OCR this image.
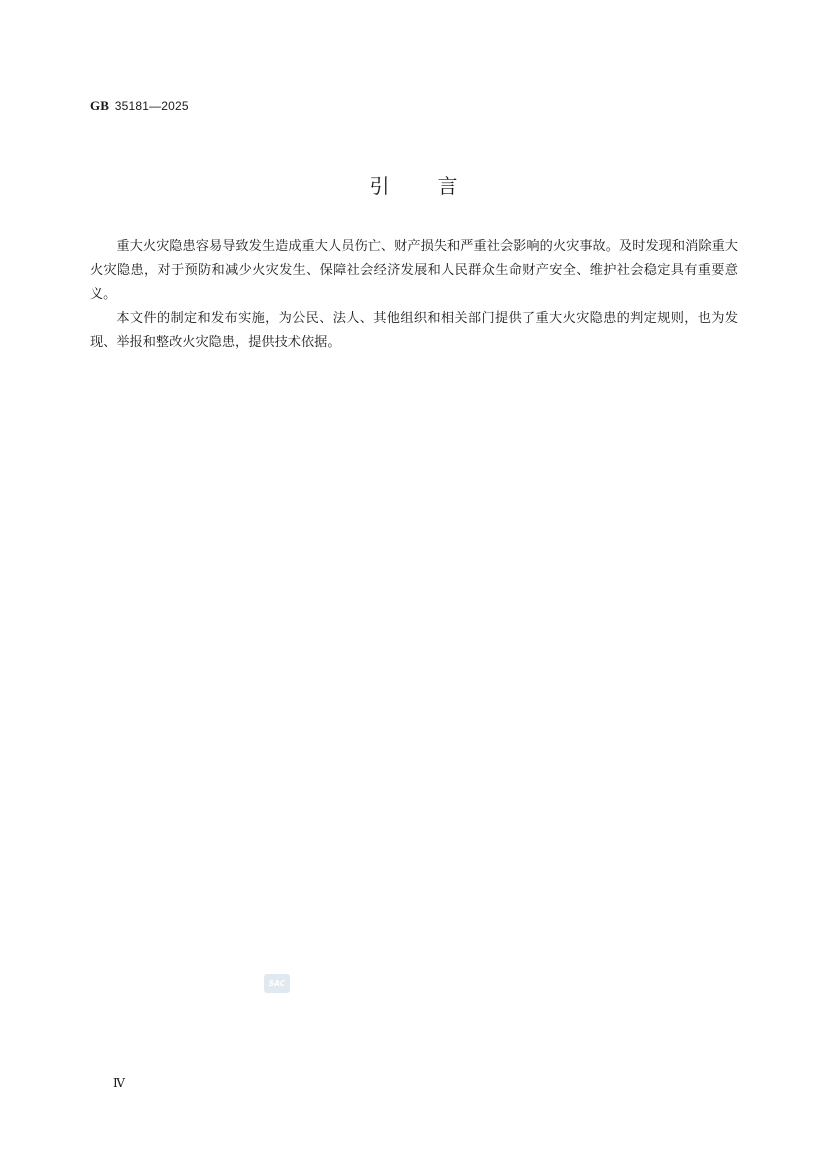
GB 35181—2025
引 言

重大火灾隐患容易导致发生造成重大人员伤亡、财产损失和严重社会影响的火灾事故。及时发现和消除重大火灾隐患，对于预防和减少火灾发生、保障社会经济发展和人民群众生命财产安全、维护社会稳定具有重要意义。

本文件的制定和发布实施，为公民、法人、其他组织和相关部门提供了重大火灾隐患的判定规则，也为发现、举报和整改火灾隐患，提供技术依据。

SAC
Ⅳ
